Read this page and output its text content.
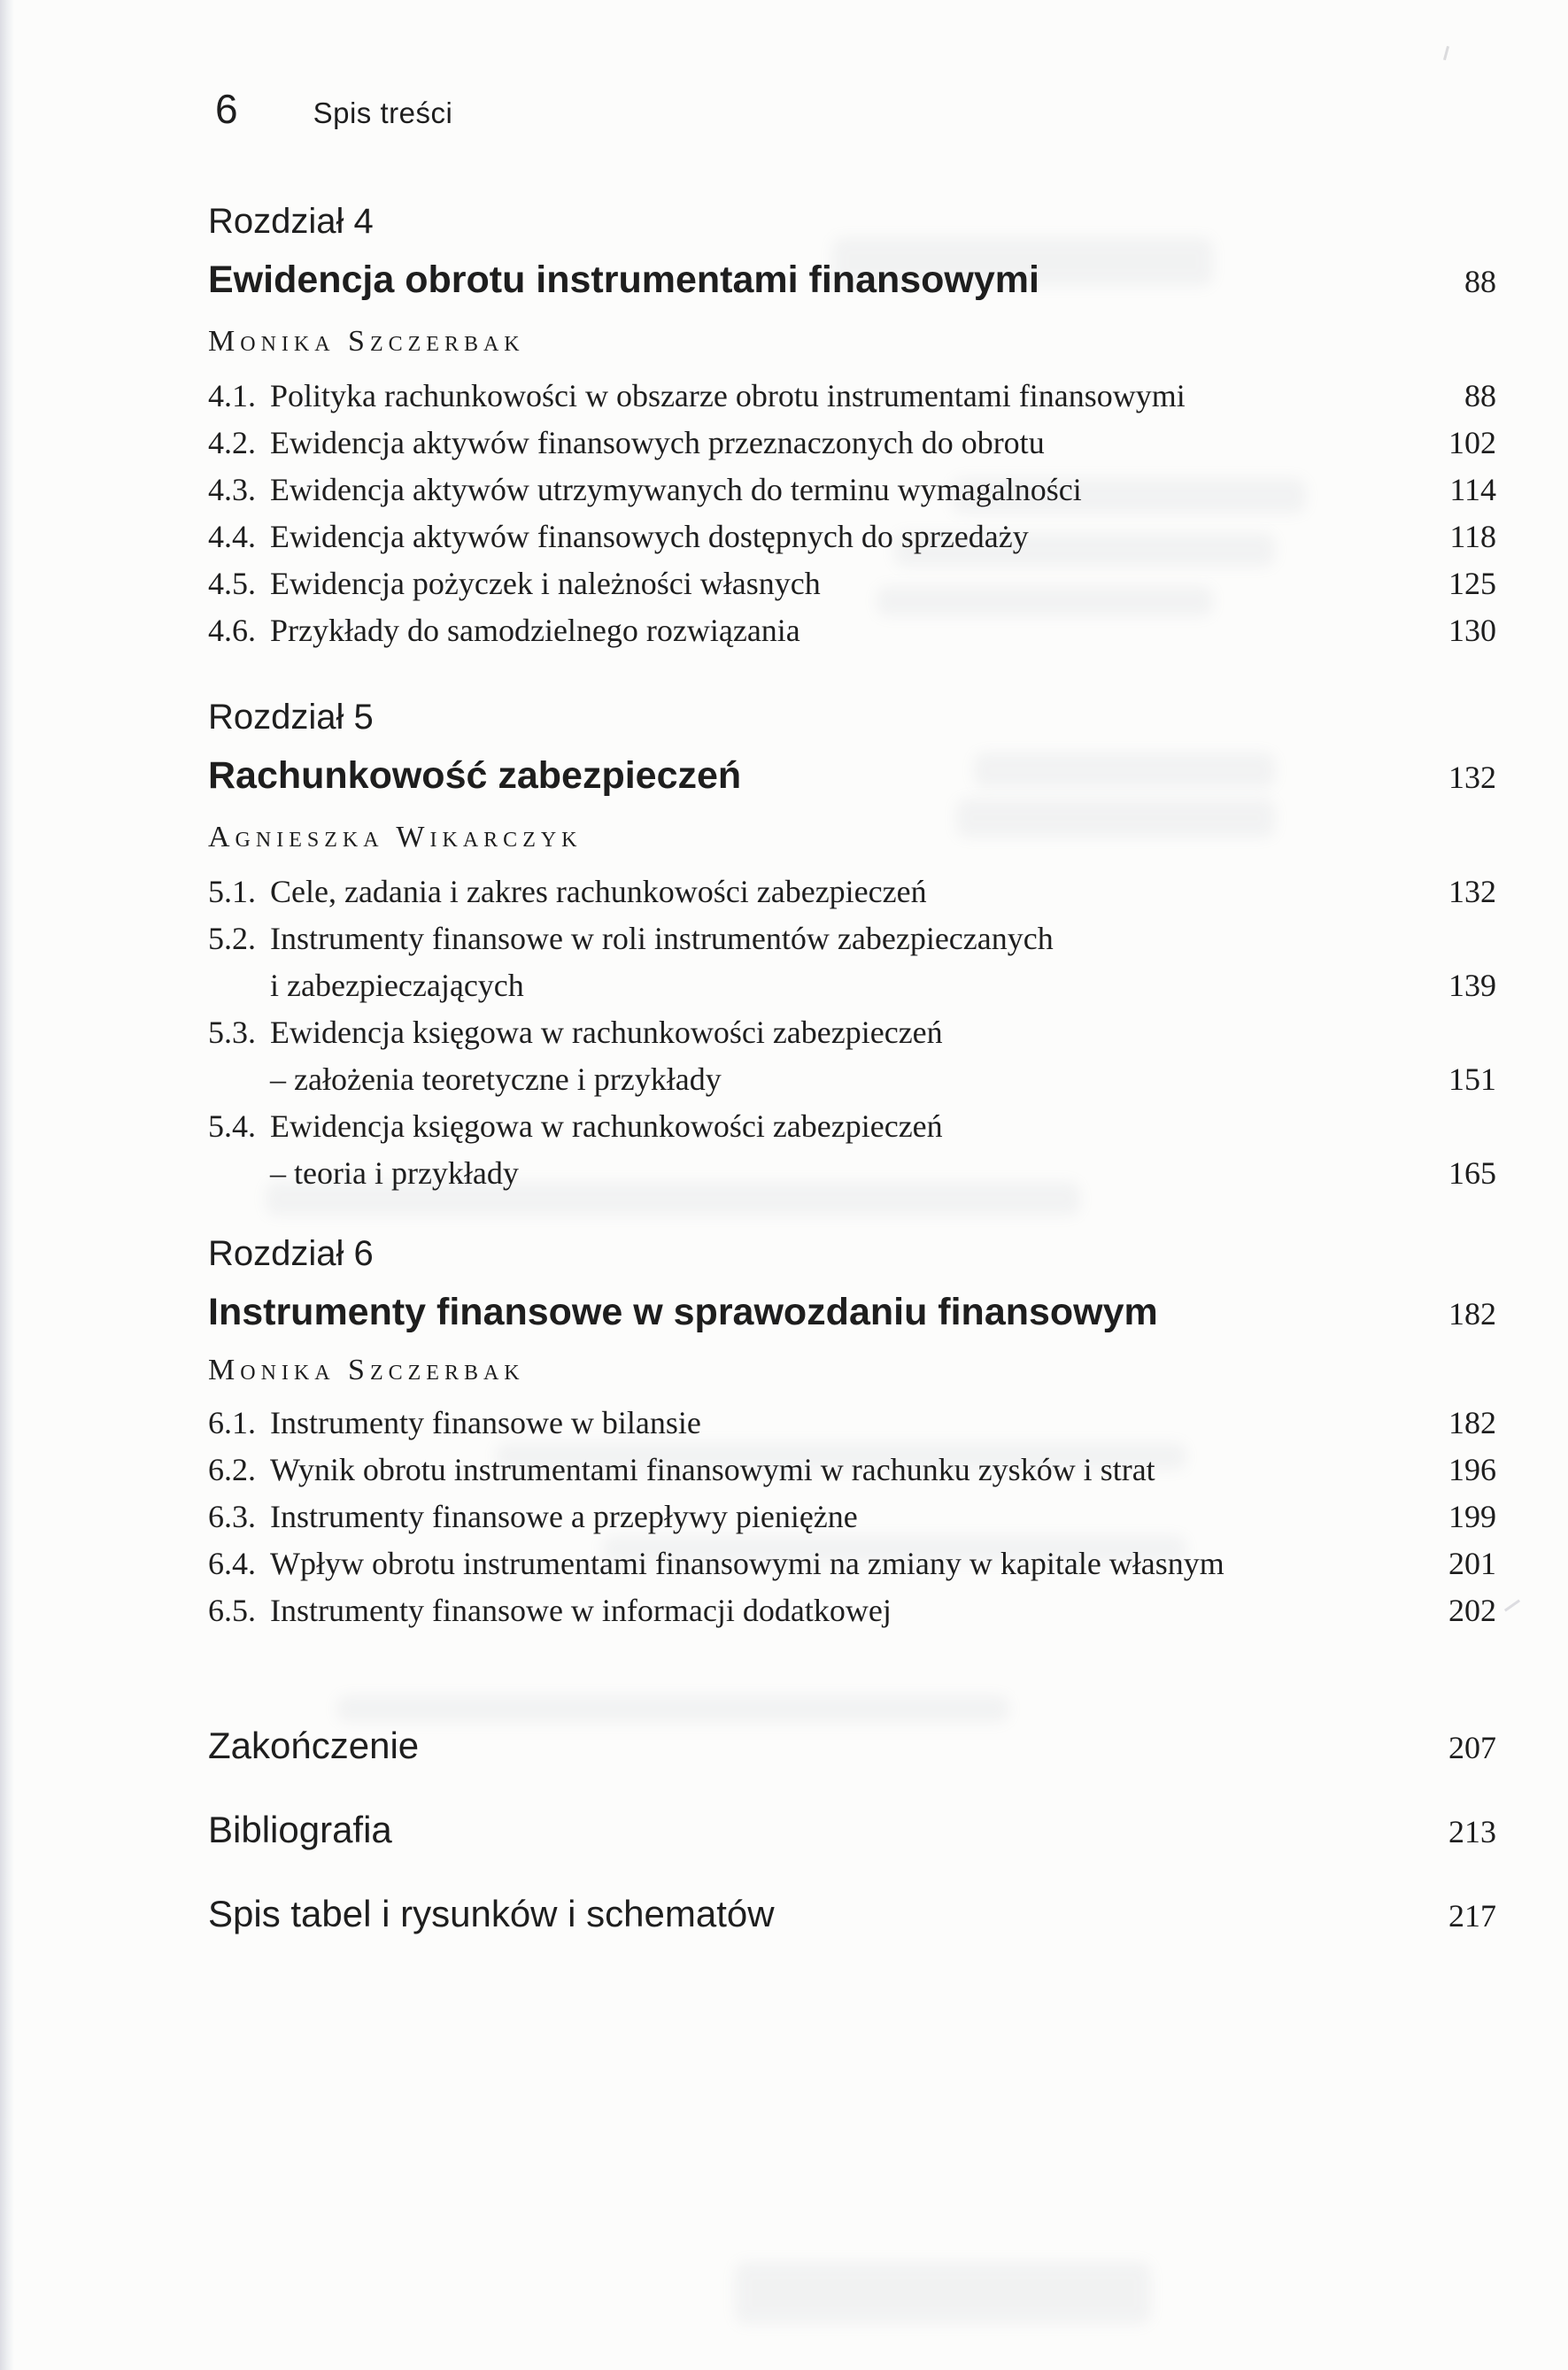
6	Spis treści
Rozdział 4
Ewidencja obrotu instrumentami finansowymi	88
Monika Szczerbak
4.1. Polityka rachunkowości w obszarze obrotu instrumentami finansowymi	88
4.2. Ewidencja aktywów finansowych przeznaczonych do obrotu	102
4.3. Ewidencja aktywów utrzymywanych do terminu wymagalności	114
4.4. Ewidencja aktywów finansowych dostępnych do sprzedaży	118
4.5. Ewidencja pożyczek i należności własnych	125
4.6. Przykłady do samodzielnego rozwiązania	130
Rozdział 5
Rachunkowość zabezpieczeń	132
Agnieszka Wikarczyk
5.1. Cele, zadania i zakres rachunkowości zabezpieczeń	132
5.2. Instrumenty finansowe w roli instrumentów zabezpieczanych
i zabezpieczających	139
5.3. Ewidencja księgowa w rachunkowości zabezpieczeń
– założenia teoretyczne i przykłady	151
5.4. Ewidencja księgowa w rachunkowości zabezpieczeń
– teoria i przykłady	165
Rozdział 6
Instrumenty finansowe w sprawozdaniu finansowym	182
Monika Szczerbak
6.1. Instrumenty finansowe w bilansie	182
6.2. Wynik obrotu instrumentami finansowymi w rachunku zysków i strat	196
6.3. Instrumenty finansowe a przepływy pieniężne	199
6.4. Wpływ obrotu instrumentami finansowymi na zmiany w kapitale własnym	201
6.5. Instrumenty finansowe w informacji dodatkowej	202
Zakończenie	207
Bibliografia	213
Spis tabel i rysunków i schematów	217
